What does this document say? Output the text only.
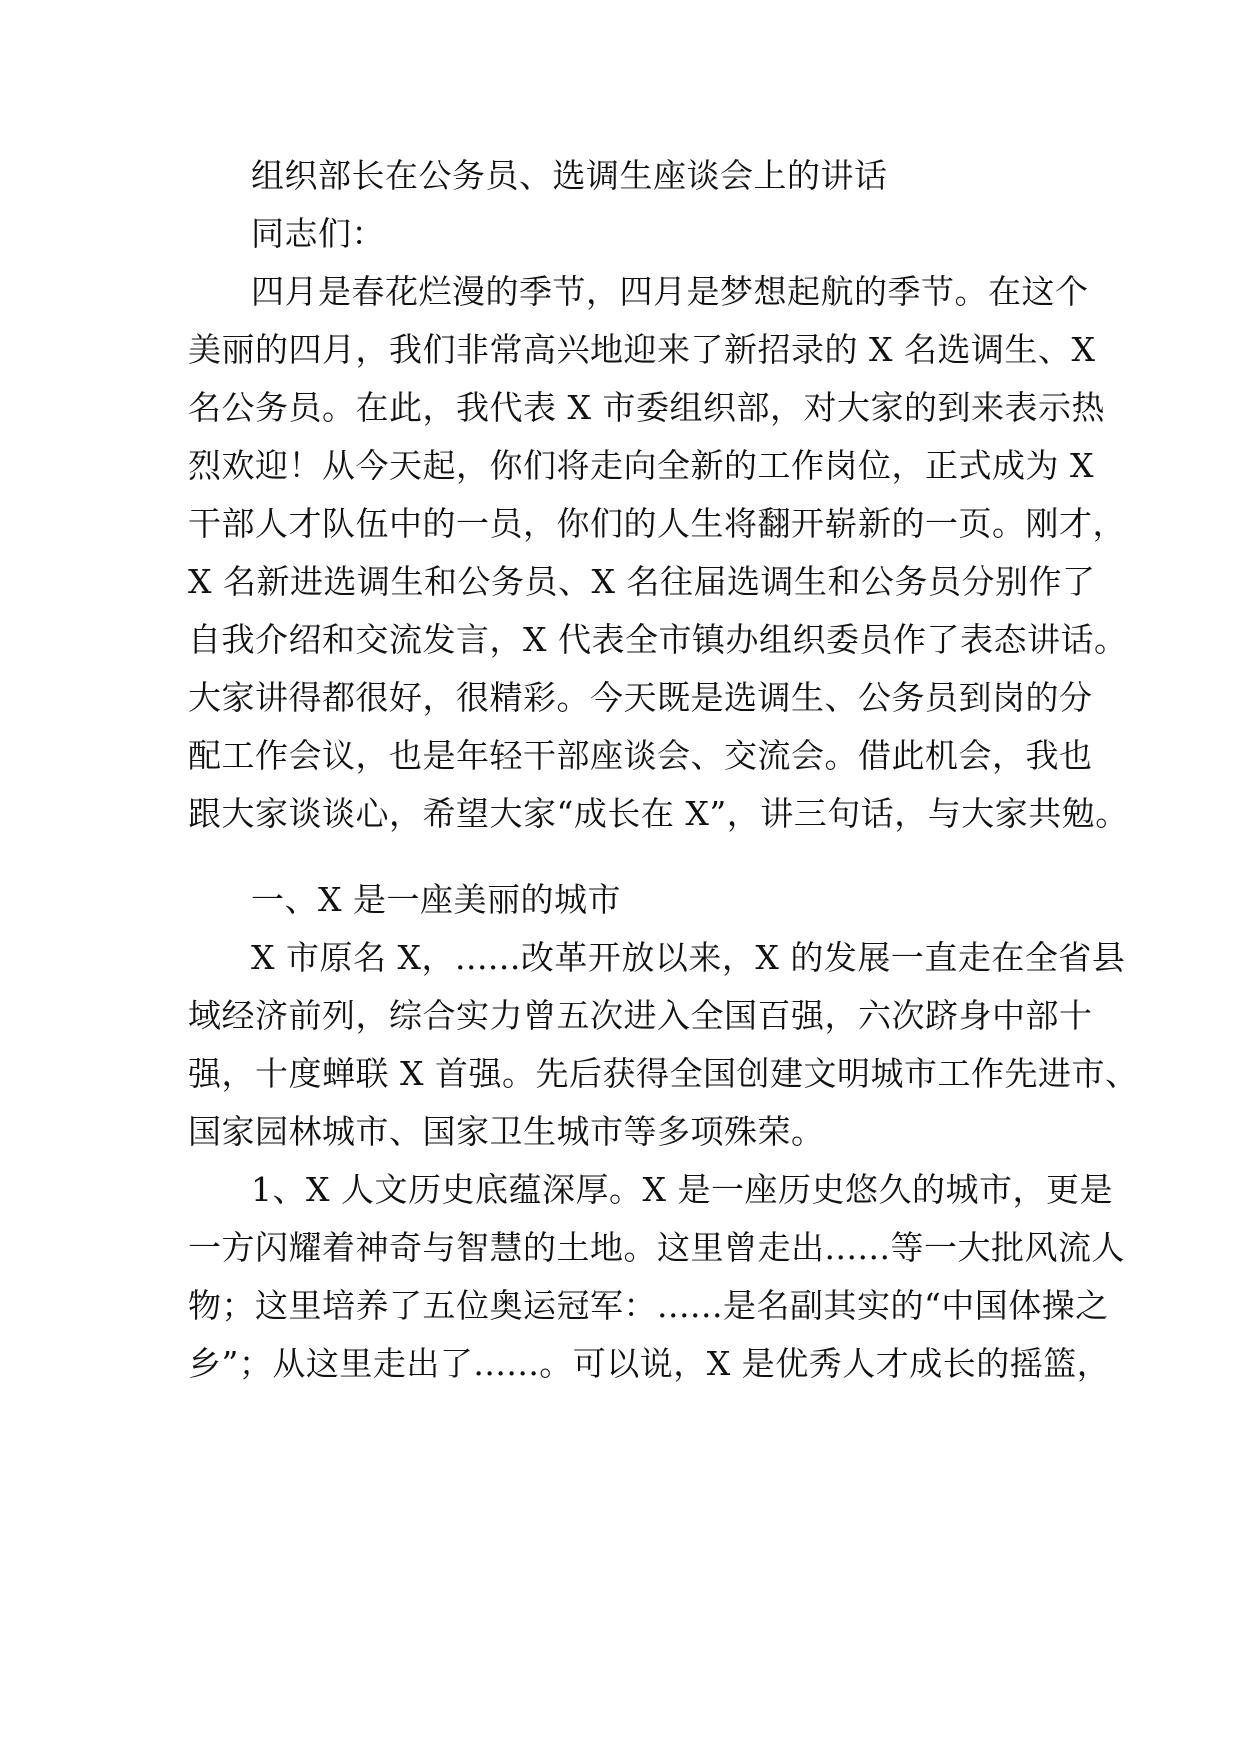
组织部长在公务员、选调生座谈会上的讲话

同志们：

四月是春花烂漫的季节，四月是梦想起航的季节。在这个

美丽的四月，我们非常高兴地迎来了新招录的 X 名选调生、X

名公务员。在此，我代表 X 市委组织部，对大家的到来表示热

烈欢迎！从今天起，你们将走向全新的工作岗位，正式成为 X

干部人才队伍中的一员，你们的人生将翻开崭新的一页。刚才，

X 名新进选调生和公务员、X 名往届选调生和公务员分别作了

自我介绍和交流发言，X 代表全市镇办组织委员作了表态讲话。

大家讲得都很好，很精彩。今天既是选调生、公务员到岗的分

配工作会议，也是年轻干部座谈会、交流会。借此机会，我也

跟大家谈谈心，希望大家“成长在 X”，讲三句话，与大家共勉。

一、X 是一座美丽的城市

X 市原名 X，......改革开放以来，X 的发展一直走在全省县

域经济前列，综合实力曾五次进入全国百强，六次跻身中部十

强，十度蝉联 X 首强。先后获得全国创建文明城市工作先进市、

国家园林城市、国家卫生城市等多项殊荣。

1、X 人文历史底蕴深厚。X 是一座历史悠久的城市，更是

一方闪耀着神奇与智慧的土地。这里曾走出......等一大批风流人

物；这里培养了五位奥运冠军：......是名副其实的“中国体操之

乡”；从这里走出了......。可以说，X 是优秀人才成长的摇篮，
